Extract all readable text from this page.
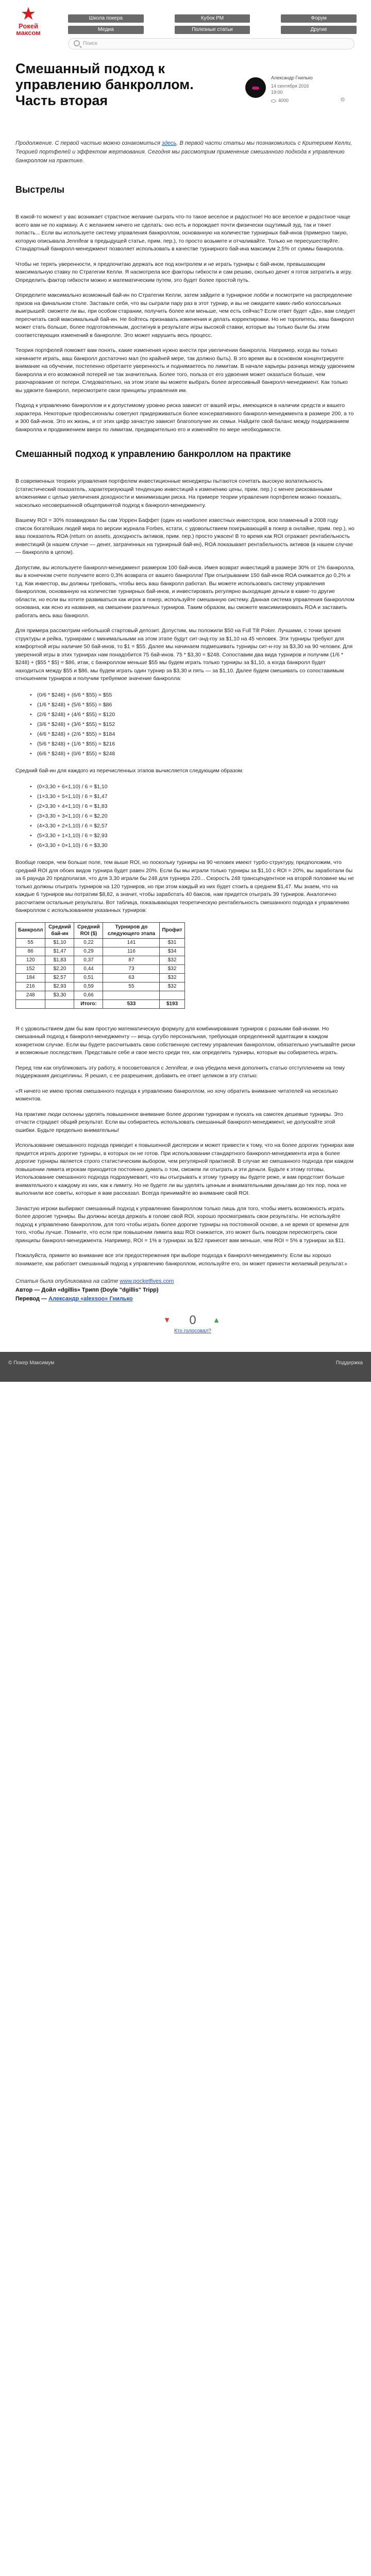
★
Рокей
максом
Школа покера	Кубок РМ	Форум
Медиа	Полезные статьи	Другие
Поиск
Смешанный подход к управлению банкроллом. Часть вторая
Александр Гнилько
14 сентября 2016
19:00
4000	⚙

Продолжение. С первой частью можно ознакомиться здесь. В первой части статьи мы познакомились с Критерием Келли, Теорией портфелей и эффектом жертвования. Сегодня мы рассмотрим применение смешанного подхода к управлению банкроллом на практике.

Выстрелы

В какой-то момент у вас возникает страстное желание сыграть что-то такое веселое и радостное! Но все веселое и радостное чаще всего вам не по карману. А с желанием ничего не сделать: оно есть и порождает почти физически ощутимый зуд, так и тянет попасть... Если вы используете систему управления банкроллом, основанную на количестве турнирных бай-инов (примерно такую, которую описывала Jennifear в предыдущей статье, прим. пер.), то просто возьмите и отчаливайте. Только не пересушествуйте. Стандартный банкролл-менеджмент позволяет использовать в качестве турнирного бай-ина максимум 2,5% от суммы банкролла.

Чтобы не терять уверенности, я предпочитаю держать все под контролем и не играть турниры с бай-ином, превышающим максимальную ставку по Стратегии Келли. Я насмотрела все факторы гибкости и сам решаю, сколько денег я готов затратить в игру. Определить фактор гибкости можно и математическим путем, это будет более простой путь.

Определите максимально возможный бай-ин по Стратегии Келли, затем зайдите в турнирное лобби и посмотрите на распределение призов на финальном столе. Заставьте себя, что вы сыграли пару раз в этот турнир, и вы не ожидаете каких-либо колоссальных выигрышей: сможете ли вы, при особом старании, получить более или меньше, чем есть сейчас? Если ответ будет «Да», вам следует пересчитать свой максимальный бай-ин. Не бойтесь признавать изменения и делать корректировки. Но не торопитесь, ваш банкролл может стать больше, более подготовленным, достигнув в результате игры высокой ставки, которые вы только были бы этим соответствующих изменений в банкролле. Это может нарушить весь процесс.

Теория портфелей поможет вам понять, какие изменения нужно внести при увеличении банкролла. Например, когда вы только начинаете играть, ваш банкролл достаточно мал (по крайней мере, так должно быть). В это время вы в основном концентрируете внимание на обучении, постепенно обретаете уверенность и поднимаетесь по лимитам. В начале карьеры разница между удвоением банкролла и его возможной потерей не так значительна. Более того, польза от его удвоения может оказаться больше, чем разочарование от потери. Следовательно, на этом этапе вы можете выбрать более агрессивный банкролл-менеджмент. Как только вы удвоите банкролл, пересмотрите свои принципы управления им.

Подход к управлению банкроллом и к допустимому уровню риска зависит от вашей игры, имеющихся в наличии средств и вашего характера. Некоторые профессионалы советуют придерживаться более консервативного банкролл-менеджмента в размере 200, а то и 300 бай-инов. Это их жизнь, и от этих цифр зачастую зависит благополучие их семьи. Найдите свой баланс между поддержанием банкролла и продвижением вверх по лимитам, предварительно его и изменяйте по мере необходимости.

Смешанный подход к управлению банкроллом на практике

В современных теориях управления портфелем инвестиционные менеджеры пытаются сочетать высокую волатильность (статистический показатель, характеризующий тенденцию инвестиций к изменению цены, прим. пер.) с менее рискованными вложениями с целью увеличения доходности и минимизации риска. На примере теории управления портфелем можно показать, насколько несовершенной общепринятой подход к банкролл-менеджменту.

Вашему ROI = 30% позавидовал бы сам Уоррен Баффет (один из наиболее известных инвесторов, всю пламенный в 2008 году список богатейших людей мира по версии журнала Forbes, кстати, с удовольствием поигрывающий в покер в онлайне, прим. пер.), но ваш показатель ROA (return on assets, доходность активов, прим. пер.) просто ужасен! В то время как ROI отражает рентабельность инвестиций (в нашем случае — денег, затраченных на турнирный бай-ин), ROA показывает рентабельность активов (в нашем случае — банкролла в целом).

Допустим, вы используете банкролл-менеджмент размером 100 бай-инов. Имея возврат инвестиций в размере 30% от 1% банкролла, вы в конечном счете получаете всего 0,3% возврата от вашего банкролла! При отыгрывании 150 бай-инов ROA снижается до 0,2% и т.д. Как инвестор, вы должны требовать, чтобы весь ваш банкролл работал. Вы можете использовать систему управления банкроллом, основанную на количестве турнирных бай-инов, и инвестировать регулярно выходящие деньги в какие-то другие области, но если вы хотите развиваться как игрок в покер, используйте смешанную систему. Данная система управления банкроллом основана, как ясно из названия, на смешении различных турниров. Таким образом, вы сможете максимизировать ROA и заставить работать весь ваш банкролл.

Для примера рассмотрим небольшой стартовый депозит. Допустим, мы положили $50 на Full Tilt Poker. Лучшими, с точки зрения структуры и рейка, турнирами с минимальными на этом этапе будут сит-энд-гоу за $1,10 на 45 человек. Эти турниры требуют для комфортной игры наличие 50 бай-инов, то $1 = $55. Далее мы начинаем подмешивать турниры сит-н-гоу за $3,30 на 90 человек. Для уверенной игры в этих турнирах нам понадобится 75 бай-инов. 75 * $3,30 = $248. Сопоставим два вида турниров и получим (1/6 * $248) + ($55 * $5) = $86, итак, с банкроллом меньше $55 мы будем играть только турниры за $1,10, а когда банкролл будет находиться между $55 и $86, мы будем играть один турнир за $3,30 и пять — за $1,10. Далее будем смешивать со сопоставимым отношением турниров и получим требуемое значение банкролла:

• (0/6 * $248) + (6/6 * $55) = $55
• (1/6 * $248) + (5/6 * $55) = $86
• (2/6 * $248) + (4/6 * $55) = $120
• (3/6 * $248) + (3/6 * $55) = $152
• (4/6 * $248) + (2/6 * $55) = $184
• (5/6 * $248) + (1/6 * $55) = $216
• (6/6 * $248) + (0/6 * $55) = $248

Средний бай-ин для каждого из перечисленных этапов вычисляется следующим образом:

• (0×3,30 + 6×1,10) / 6 = $1,10
• (1×3,30 + 5×1,10) / 6 = $1,47
• (2×3,30 + 4×1,10) / 6 = $1,83
• (3×3,30 + 3×1,10) / 6 = $2,20
• (4×3,30 + 2×1,10) / 6 = $2,57
• (5×3,30 + 1×1,10) / 6 = $2,93
• (6×3,30 + 0×1,10) / 6 = $3,30

Вообще говоря, чем больше поле, тем выше ROI, но поскольку турниры на 90 человек имеют турбо-структуру, предположим, что средний ROI для обоих видов турнира будет равен 20%. Если бы мы играли только турниры за $1,10 с ROI = 20%, вы заработали бы за 6 раунда 20 предполагая, что для 3,30 играли бы 248 для турнира 220... Скорость 248 трансцендентное на второй половине мы не только должны отыграть турниров на 120 турниров, но при этом каждый из них будет стоить в среднем $1,47. Мы знаем, что на каждые 6 турниров мы потратим $8,82, а значит, чтобы заработать 40 баксов, нам придется отыграть 39 турниров. Аналогично рассчитаем остальные результаты. Вот таблица, показывающая теоретическую рентабельность смешанного подхода к управлению банкроллом с использованием указанных турниров:

Банкролл	Средний бай-ин	Средний ROI ($)	Турниров до следующего этапа	Профит
55	$1,10	0,22	141	$31
86	$1,47	0,29	116	$34
120	$1,83	0,37	87	$32
152	$2,20	0,44	73	$32
184	$2,57	0,51	63	$32
216	$2,93	0,59	55	$32
248	$3,30	0,66		
		Итого:	533	$193

Я с удовольствием дам бы вам простую математическую формулу для комбинирования турниров с разными бай-инами. Но смешанный подход к банкролл-менеджменту — вещь сугубо персональная, требующая определенной адаптации в каждом конкретном случае. Если вы будете рассчитывать свою собственную систему управления банкроллом, обязательно учитывайте риски и возможные последствия. Представьте себе и свое место среди тех, как определить турниры, которые вы собираетесь играть.

Перед тем как опубликовать эту работу, я посоветовался с Jennifear, и она убедила меня дополнить статью отступлением на тему поддержания дисциплины. Я решил, с ее разрешения, добавить ее ответ целиком в эту статью:

«Я ничего не имею против смешанного подхода к управлению банкроллом, но хочу обратить внимание читателей на несколько моментов.

На практике люди склонны уделять повышенное внимание более дорогим турнирам и пускать на самотек дешевые турниры. Это отчасти страдает общий результат. Если вы собираетесь использовать смешанный банкролл-менеджмент, не допускайте этой ошибки. Будьте предельно внимательны!

Использование смешанного подхода приводит к повышенной дисперсии и может привести к тому, что на более дорогих турнирах вам придется играть дорогие турниры, в которых он не готов. При использовании стандартного банкролл-менеджмента игра в более дорогие турниры является строго статистическим выбором, чем регулярной практикой. В случае же смешанного подхода при каждом повышении лимита игрокам приходится постоянно думать о том, сможем ли отыграть и эти деньги. Будьте к этому готовы. Использование смешанного подхода подразумевает, что вы отыгрывать к этому турниру вы будете реже, и вам предстоит больше внимательного к каждому из них, как к лимиту. Но не будете ли вы уделять ценным и внимательными деньгами до тех пор, пока не выполнили все советы, которые я вам рассказал. Всегда принимайте во внимание свой ROI.

Зачастую игроки выбирают смешанный подход к управлению банкроллом только лишь для того, чтобы иметь возможность играть более дорогие турниры. Вы должны всегда держать в голове свой ROI, хорошо просматривать свои результаты. Не используйте подход к управлению банкроллом, для того чтобы играть более дорогие турниры на постоянной основе, а не время от времени для того, чтобы лучше. Помните, что если при повышении лимита ваш ROI снижается, это может быть поводом пересмотреть свои принципы банкролл-менеджмента. Например, ROI = 1% в турнирах за $22 принесет вам меньше, чем ROI = 5% в турнирах за $11.

Пожалуйста, примите во внимание все эти предостережения при выборе подхода к банкролл-менеджменту. Если вы хорошо понимаете, как работает смешанный подход к управлению банкроллом, используйте его, он может принести желаемый результат.»

Статья была опубликована на сайте www.pocketfives.com
Автор — Дойл «dgillis» Трипп (Doyle "dgillis" Tripp)
Перевод — Александр «alexsoo» Гнилько
▼	0	▲
Кто голосовал?
© Покер Максимум	Поддержка
